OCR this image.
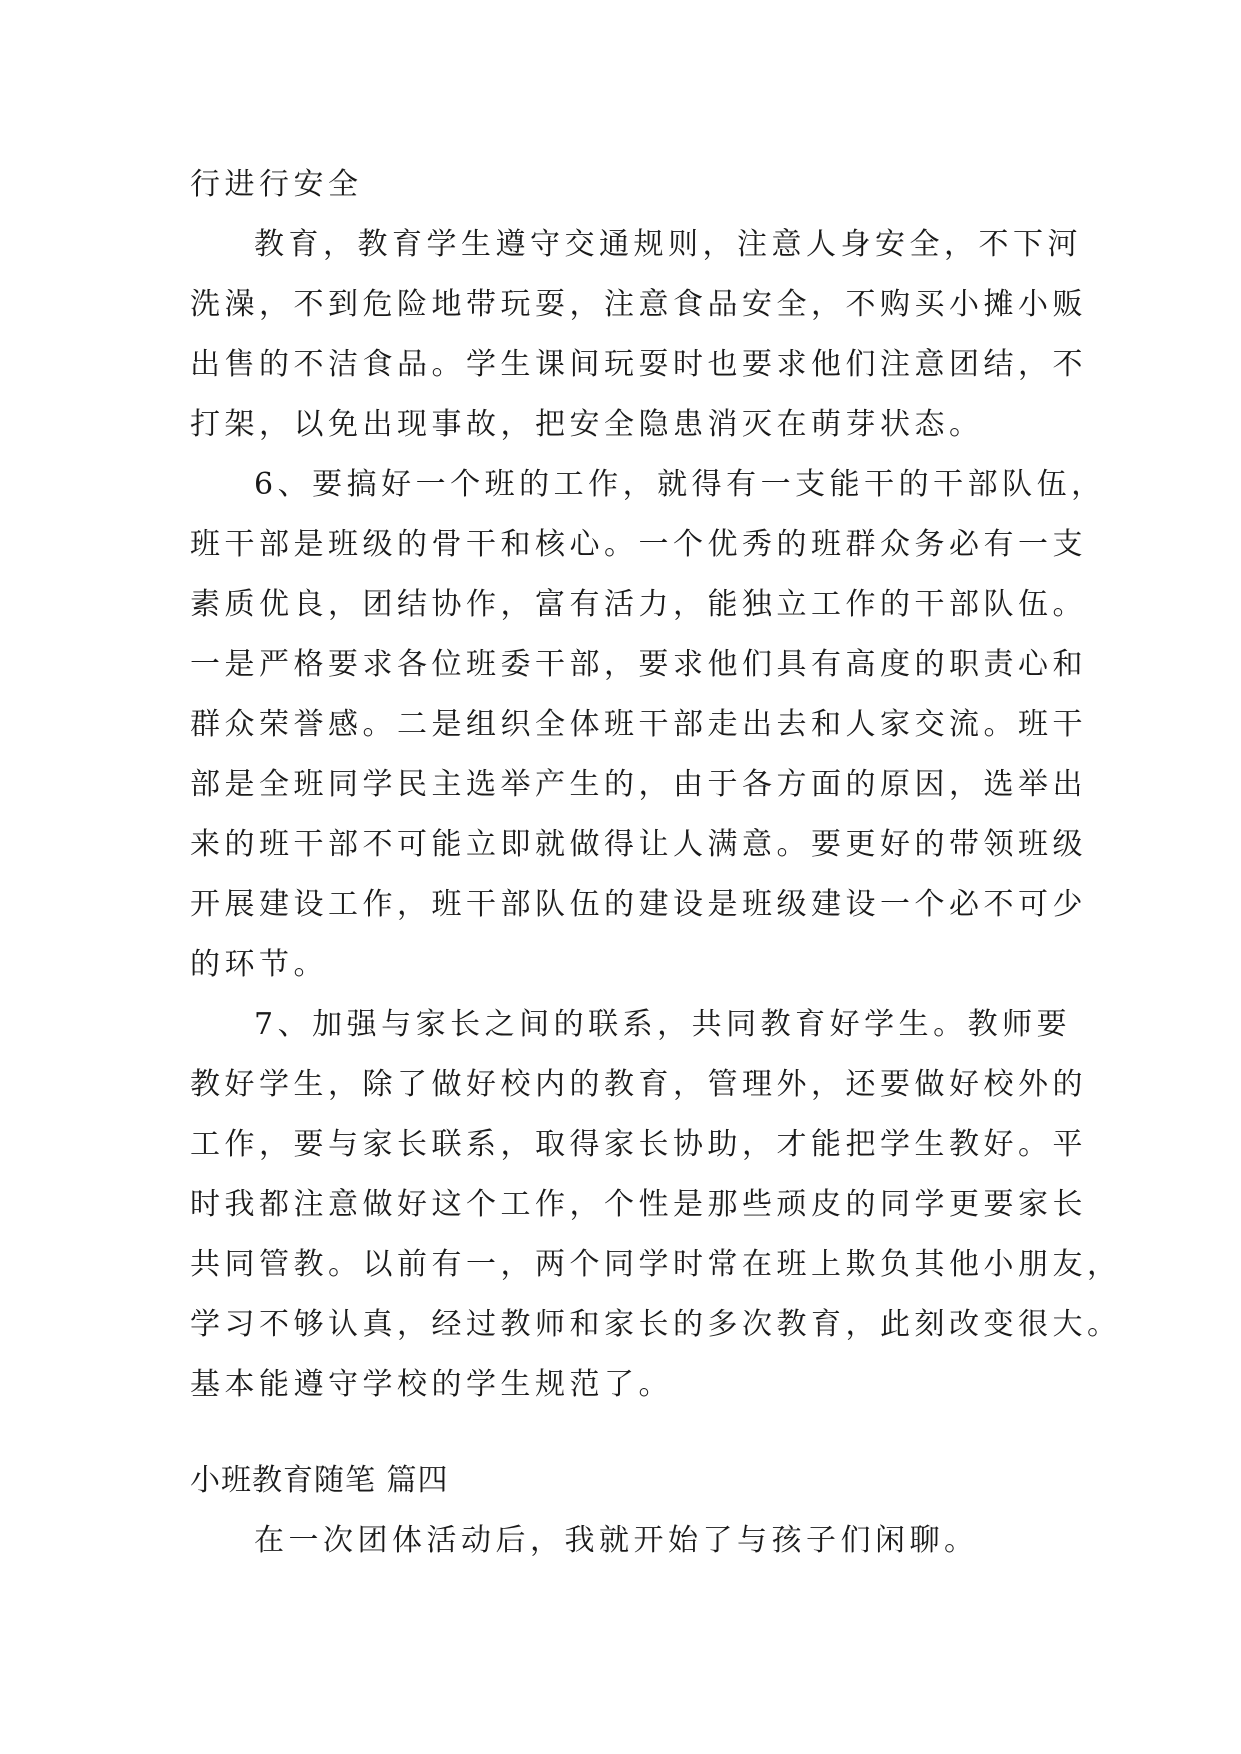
行进行安全
教育，教育学生遵守交通规则，注意人身安全，不下河
洗澡，不到危险地带玩耍，注意食品安全，不购买小摊小贩
出售的不洁食品。学生课间玩耍时也要求他们注意团结，不
打架，以免出现事故，把安全隐患消灭在萌芽状态。
6、要搞好一个班的工作，就得有一支能干的干部队伍，
班干部是班级的骨干和核心。一个优秀的班群众务必有一支
素质优良，团结协作，富有活力，能独立工作的干部队伍。
一是严格要求各位班委干部，要求他们具有高度的职责心和
群众荣誉感。二是组织全体班干部走出去和人家交流。班干
部是全班同学民主选举产生的，由于各方面的原因，选举出
来的班干部不可能立即就做得让人满意。要更好的带领班级
开展建设工作，班干部队伍的建设是班级建设一个必不可少
的环节。
7、加强与家长之间的联系，共同教育好学生。教师要
教好学生，除了做好校内的教育，管理外，还要做好校外的
工作，要与家长联系，取得家长协助，才能把学生教好。平
时我都注意做好这个工作，个性是那些顽皮的同学更要家长
共同管教。以前有一，两个同学时常在班上欺负其他小朋友，
学习不够认真，经过教师和家长的多次教育，此刻改变很大。
基本能遵守学校的学生规范了。
小班教育随笔 篇四
在一次团体活动后，我就开始了与孩子们闲聊。
